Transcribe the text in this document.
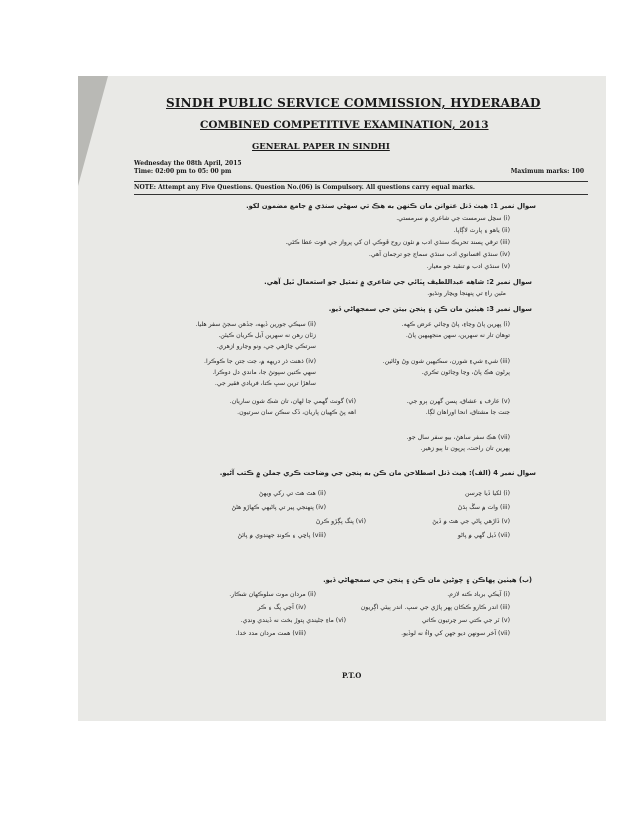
SINDH PUBLIC SERVICE COMMISSION, HYDERABAD
COMBINED COMPETITIVE EXAMINATION, 2013
GENERAL PAPER IN SINDHI
Wednesday the 08th April, 2015
Time: 02:00 pm to 05: 00 pm	Maximum marks: 100
NOTE: Attempt any Five Questions. Question No.(06) is Compulsory. All questions carry equal marks.
سوال نمبر 1: هيٺ ڏنل عنوانن مان ڪنهن به هڪ تي سهڻي سنڌي ۾ جامع مضمون لکو.
(i) سچل سرمست جي شاعري ۾ سرمستي.
(ii) ياهو ۽ پارٽ لاڳاپا.
(iii) ترقي پسند تحريڪ سنڌي ادب ۾ نئون روح ڦوڪي ان کي پرواز جي قوت عطا ڪئي.
(iv) سنڌي افسانوي ادب سنڌي سماج جو ترجمان آهي.
(v) سنڌي ادب ۾ تنقيد جو معيار.
سوال نمبر 2: شاهه عبداللطيف ڀٽائي جي شاعري ۾ تمثيل جو استعمال ٿيل آهي.
مٿين راءِ تي پنهنجا ويچار ونڌيو.
سوال نمبر 3: هيٺين مان ڪن ۽ پنجن بيتن جي سمجهاڻي ڏيو.
(i) پهرين پاڻ وڃاءِ، پاڻ وڃائي عرض ڪهه.
(ii) سيڪي جورين ڏيهه، جڏهن سجڻ سفر هليا.
توهان تار نه سهرين، سهن منجهيهين پاڻ.
زٽان رهن نه سهرين آيل ڪريان ڪيئن.
سرتڪي چاڙهي جي، ونو وڃارو ازهري.
(iii) شيءِ شيءِ شورن، سڪيهين شون وڻ وڻائين.
(iv) ذهنت ذر دريهه ۾، جت جتن جا ڪوڪرا.
پرڻون هڪ پاڻ، وڃا وڃائون تڪري.
سهي ڪنين سپونڻ جا، ماندي دل دوڪرا.
ساهڙا ترين سڀ ڪنا، فريادي فقير جي.
(v) عارف ۽ عشاق، پسن گهرن ٻرو جي.
(vi) گونٽ گهمي جا لهان، تان شڪ شون ساريان.
جنت جا مشتاق، انحا اوراهان لڳا.
اهه پڻ ڪهيان پاريان، ڏک سڪن سان سرتيون.
(vii) هڪ سفر ساهڻ، بيو سفر سال جو.
پهرين تان راحت، پرپون تا ٻيو زهير.
سوال نمبر 4 (الف): هيٺ ڏنل اصطلاحن مان ڪن به پنجن جي وضاحت ڪري جملن ۾ ڪتب آڻيو.
(i) لکيا ڏيا چرسن
(ii) هٿ هٿ تي رکي ويهڻ
(iii) وات ۾ سڱ ٻڌڻ
(iv) پنهنجي پير تي پاڻيهي ڪهاڙو هڻڻ
(v) ڏاڙهي پاڻي جي هٿ ۾ ڏيڻ
(vi) پنگ پڳڙو ڪرڻ
(vii) ڏيل گهي ۾ پاڻو
(viii) پاڇي ۽ ڪونڊ جهنڊوي ۾ پائڻ
(ب) هيٺين پهاڪن ۽ چوڻين مان ڪن ۽ پنجن جي سمجهاڻي ڏيو.
(i) آيڪي برباد ڪنه لازم.
(ii) مردان موت سلوڪهان شڪار.
(iii) اندر ڪارو ڪڪان پهر پاڙي جي سپ. اندر ٻيئي اڳريون
(iv) آچي پگ ۽ ڪر
(v) ٽر جي ڪتي سر چرتيون ڪاتي
(vi) ماءِ جڻيندي پتوڙ بخت نه ڏيندي ونڊي.
(vii) آخر سونهن ديو جهن کي واءُ نه لوڏيو.
(viii) همت مردان مدد خدا.
P.T.O
